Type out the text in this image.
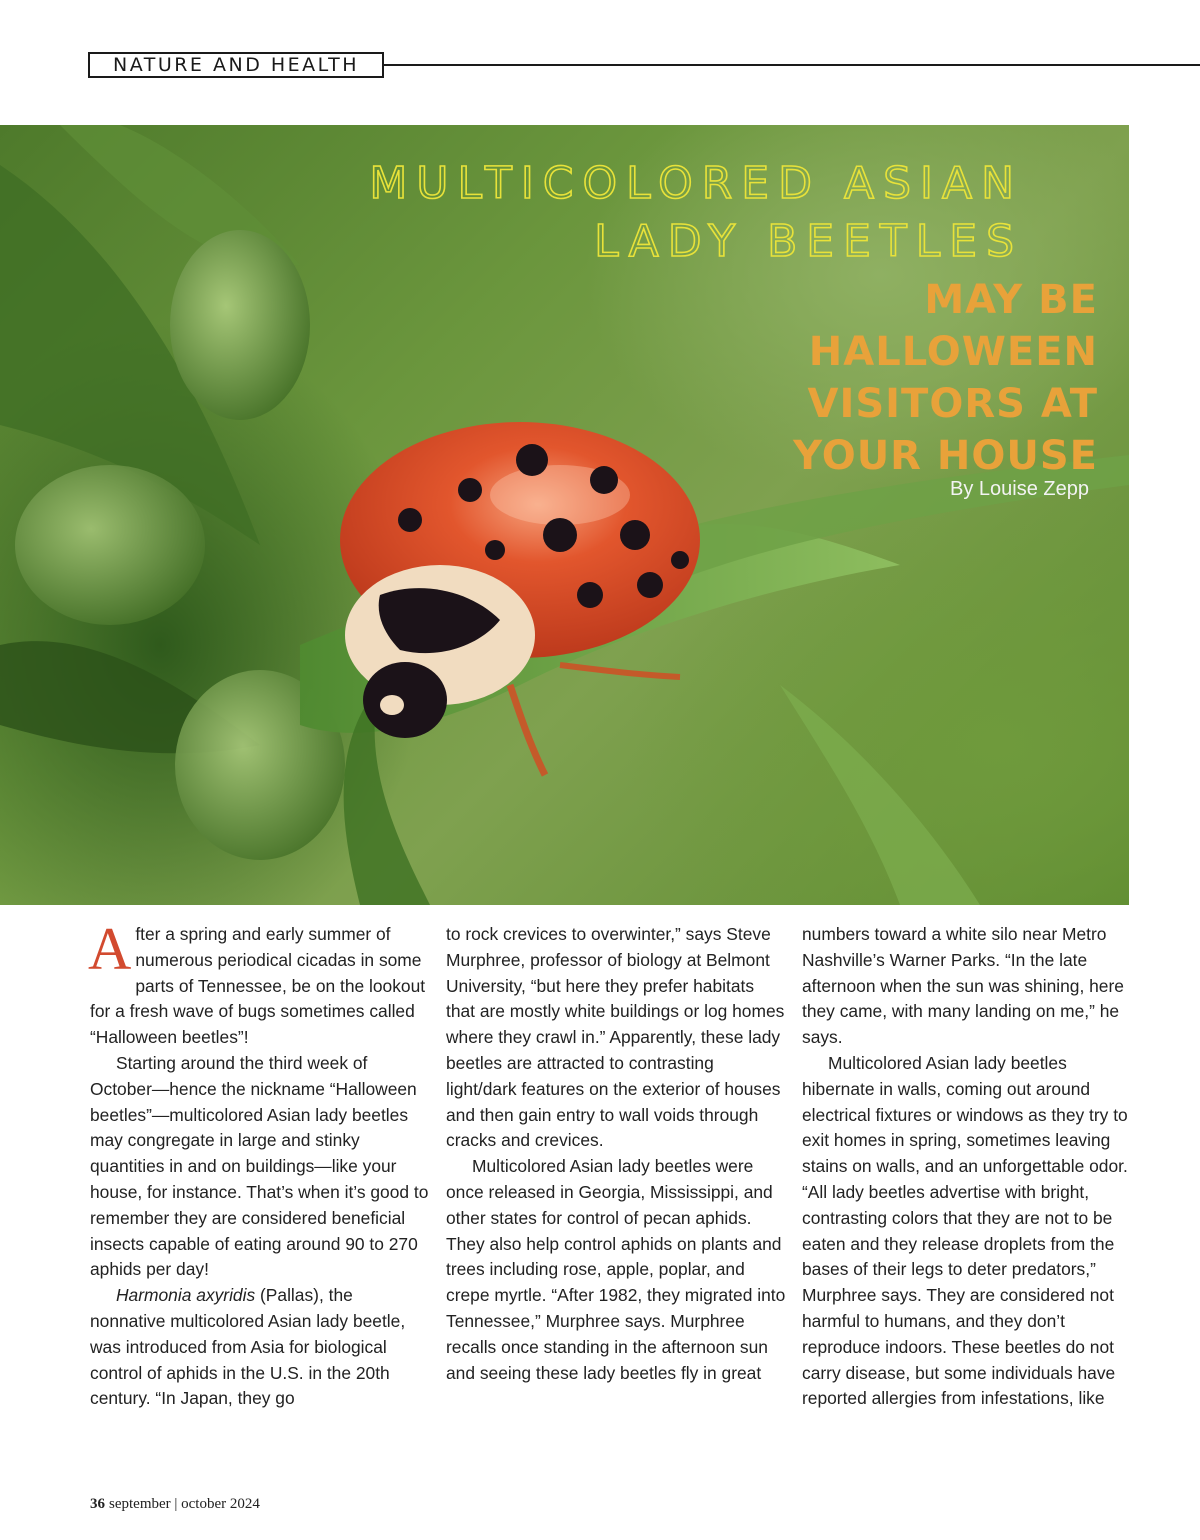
NATURE AND HEALTH
MULTICOLORED ASIAN
LADY BEETLES
MAY BE HALLOWEEN VISITORS AT YOUR HOUSE
By Louise Zepp

After a spring and early summer of numerous periodical cicadas in some parts of Tennessee, be on the lookout for a fresh wave of bugs sometimes called “Halloween beetles”!

Starting around the third week of October—hence the nickname “Halloween beetles”—multicolored Asian lady beetles may congregate in large and stinky quantities in and on buildings—like your house, for instance. That’s when it’s good to remember they are considered beneficial insects capable of eating around 90 to 270 aphids per day!

Harmonia axyridis (Pallas), the nonnative multicolored Asian lady beetle, was introduced from Asia for biological control of aphids in the U.S. in the 20th century. “In Japan, they go

to rock crevices to overwinter,” says Steve Murphree, professor of biology at Belmont University, “but here they prefer habitats that are mostly white buildings or log homes where they crawl in.” Apparently, these lady beetles are attracted to contrasting light/dark features on the exterior of houses and then gain entry to wall voids through cracks and crevices.

Multicolored Asian lady beetles were once released in Georgia, Mississippi, and other states for control of pecan aphids. They also help control aphids on plants and trees including rose, apple, poplar, and crepe myrtle. “After 1982, they migrated into Tennessee,” Murphree says. Murphree recalls once standing in the afternoon sun and seeing these lady beetles fly in great

numbers toward a white silo near Metro Nashville’s Warner Parks. “In the late afternoon when the sun was shining, here they came, with many landing on me,” he says.

Multicolored Asian lady beetles hibernate in walls, coming out around electrical fixtures or windows as they try to exit homes in spring, sometimes leaving stains on walls, and an unforgettable odor. “All lady beetles advertise with bright, contrasting colors that they are not to be eaten and they release droplets from the bases of their legs to deter predators,” Murphree says. They are considered not harmful to humans, and they don’t reproduce indoors. These beetles do not carry disease, but some individuals have reported allergies from infestations, like

36 september | october 2024
